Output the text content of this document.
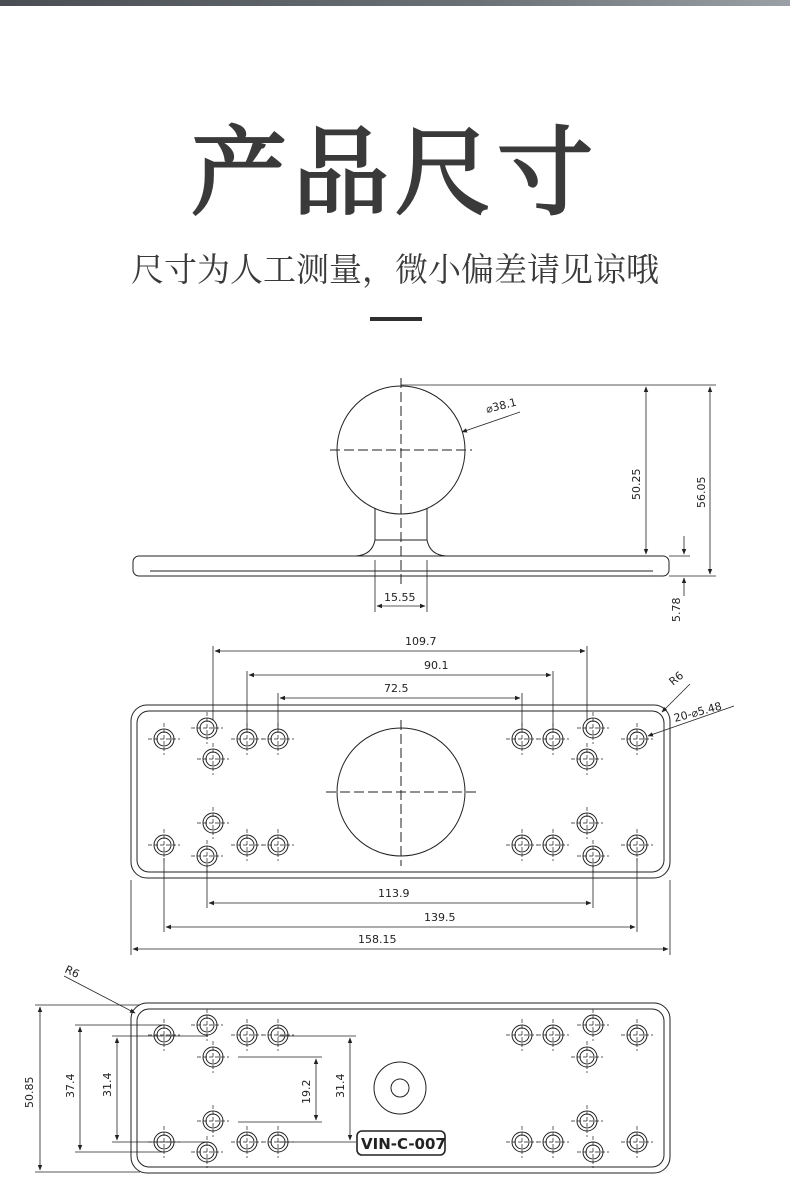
产品尺寸
尺寸为人工测量，微小偏差请见谅哦
⌀38.1
50.25	56.05
5.78
15.55
109.7
90.1
72.5
R6
20-⌀5.48
113.9
139.5
158.15
R6
50.85	37.4 31.4	19.2 31.4
VIN-C-007
